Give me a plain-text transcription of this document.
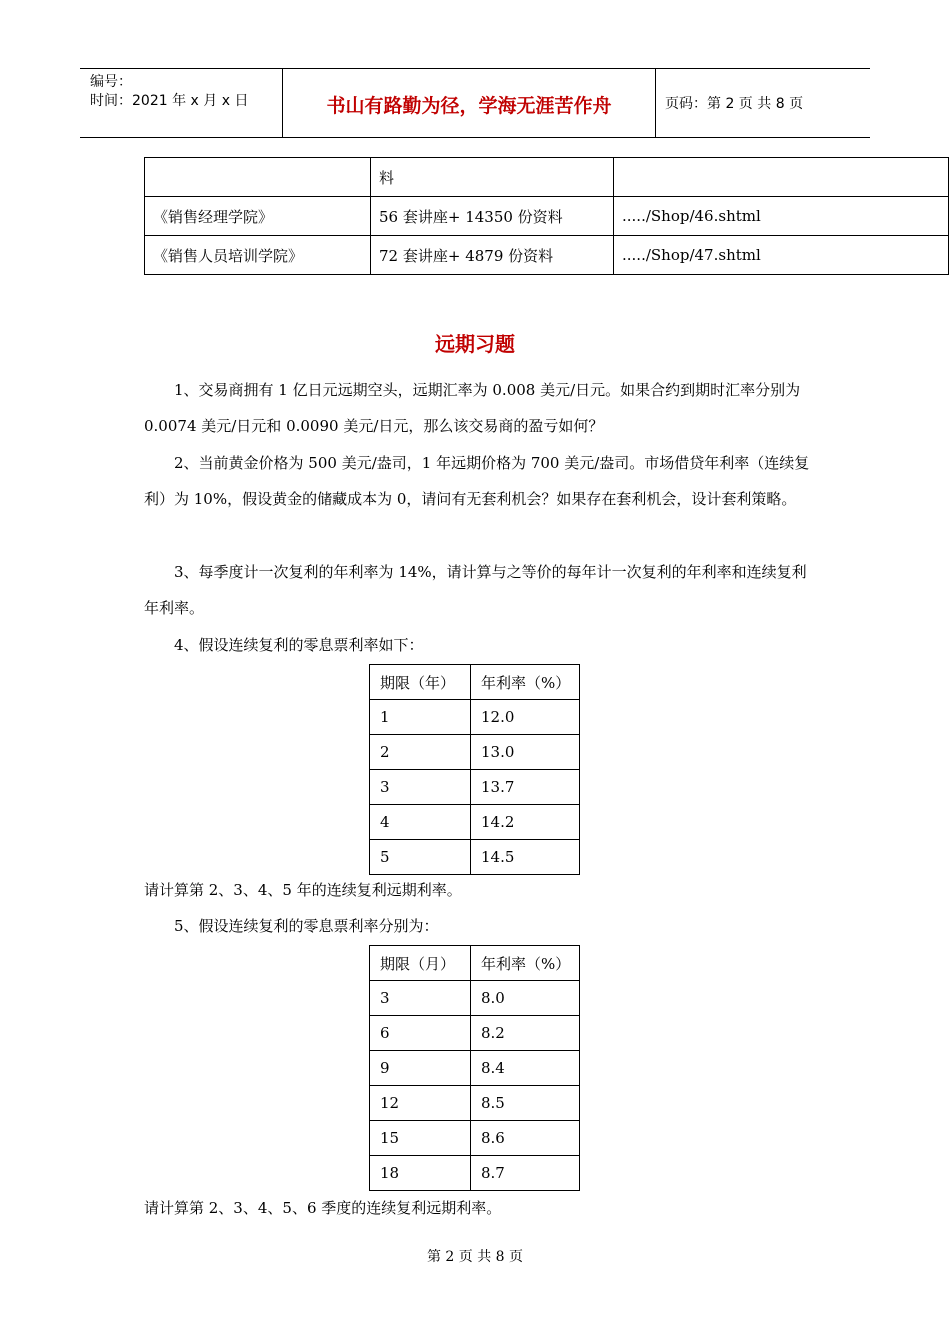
编号：
时间：2021 年 x 月 x 日	书山有路勤为径，学海无涯苦作舟	页码：第 2 页 共 8 页
	料	
《销售经理学院》	56 套讲座+ 14350 份资料	...../Shop/46.shtml
《销售人员培训学院》	72 套讲座+ 4879 份资料	...../Shop/47.shtml
远期习题

1、交易商拥有 1 亿日元远期空头，远期汇率为 0.008 美元/日元。如果合约到期时汇率分别为 0.0074 美元/日元和 0.0090 美元/日元，那么该交易商的盈亏如何？

2、当前黄金价格为 500 美元/盎司，1 年远期价格为 700 美元/盎司。市场借贷年利率（连续复利）为 10%，假设黄金的储藏成本为 0，请问有无套利机会？如果存在套利机会，设计套利策略。

3、每季度计一次复利的年利率为 14%，请计算与之等价的每年计一次复利的年利率和连续复利年利率。

4、假设连续复利的零息票利率如下：

期限（年）	年利率（%）
1	12.0
2	13.0
3	13.7
4	14.2
5	14.5

请计算第 2、3、4、5 年的连续复利远期利率。

5、假设连续复利的零息票利率分别为：

期限（月）	年利率（%）
3	8.0
6	8.2
9	8.4
12	8.5
15	8.6
18	8.7

请计算第 2、3、4、5、6 季度的连续复利远期利率。

第 2 页 共 8 页
